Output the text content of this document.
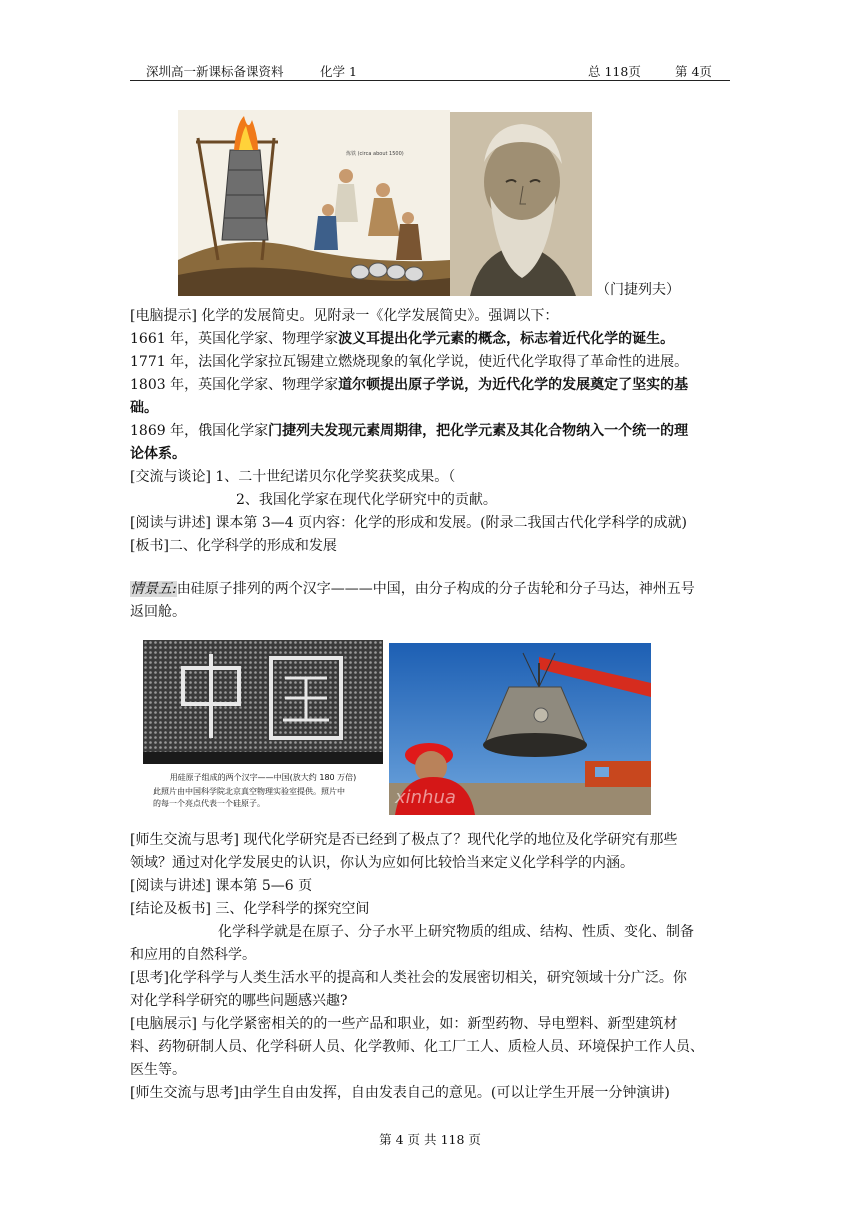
深圳高一新课标备课资料	化学 1	总 118页	第 4页
炼铁 (circa about 1500)
（门捷列夫）
[电脑提示] 化学的发展简史。见附录一《化学发展简史》。强调以下：
1661 年，英国化学家、物理学家波义耳提出化学元素的概念，标志着近代化学的诞生。
1771 年，法国化学家拉瓦锡建立燃烧现象的氧化学说，使近代化学取得了革命性的进展。
1803 年，英国化学家、物理学家道尔顿提出原子学说，为近代化学的发展奠定了坚实的基
础。
1869 年，俄国化学家门捷列夫发现元素周期律，把化学元素及其化合物纳入一个统一的理
论体系。
[交流与谈论] 1、二十世纪诺贝尔化学奖获奖成果。（
2、我国化学家在现代化学研究中的贡献。
[阅读与讲述] 课本第 3—4 页内容：化学的形成和发展。(附录二我国古代化学科学的成就)
[板书]二、化学科学的形成和发展
情景五:由硅原子排列的两个汉字———中国，由分子构成的分子齿轮和分子马达，神州五号
返回舱。
用硅原子组成的两个汉字——中国(放大约 180 万倍)
此照片由中国科学院北京真空物理实验室提供。照片中
的每一个亮点代表一个硅原子。	xinhua
[师生交流与思考] 现代化学研究是否已经到了极点了？现代化学的地位及化学研究有那些
领域？通过对化学发展史的认识，你认为应如何比较恰当来定义化学科学的内涵。
[阅读与讲述] 课本第 5—6 页
[结论及板书] 三、化学科学的探究空间
化学科学就是在原子、分子水平上研究物质的组成、结构、性质、变化、制备
和应用的自然科学。
[思考]化学科学与人类生活水平的提高和人类社会的发展密切相关，研究领域十分广泛。你
对化学科学研究的哪些问题感兴趣?
[电脑展示] 与化学紧密相关的的一些产品和职业，如：新型药物、导电塑料、新型建筑材
料、药物研制人员、化学科研人员、化学教师、化工厂工人、质检人员、环境保护工作人员、
医生等。
[师生交流与思考]由学生自由发挥，自由发表自己的意见。(可以让学生开展一分钟演讲)
第 4 页 共 118 页
